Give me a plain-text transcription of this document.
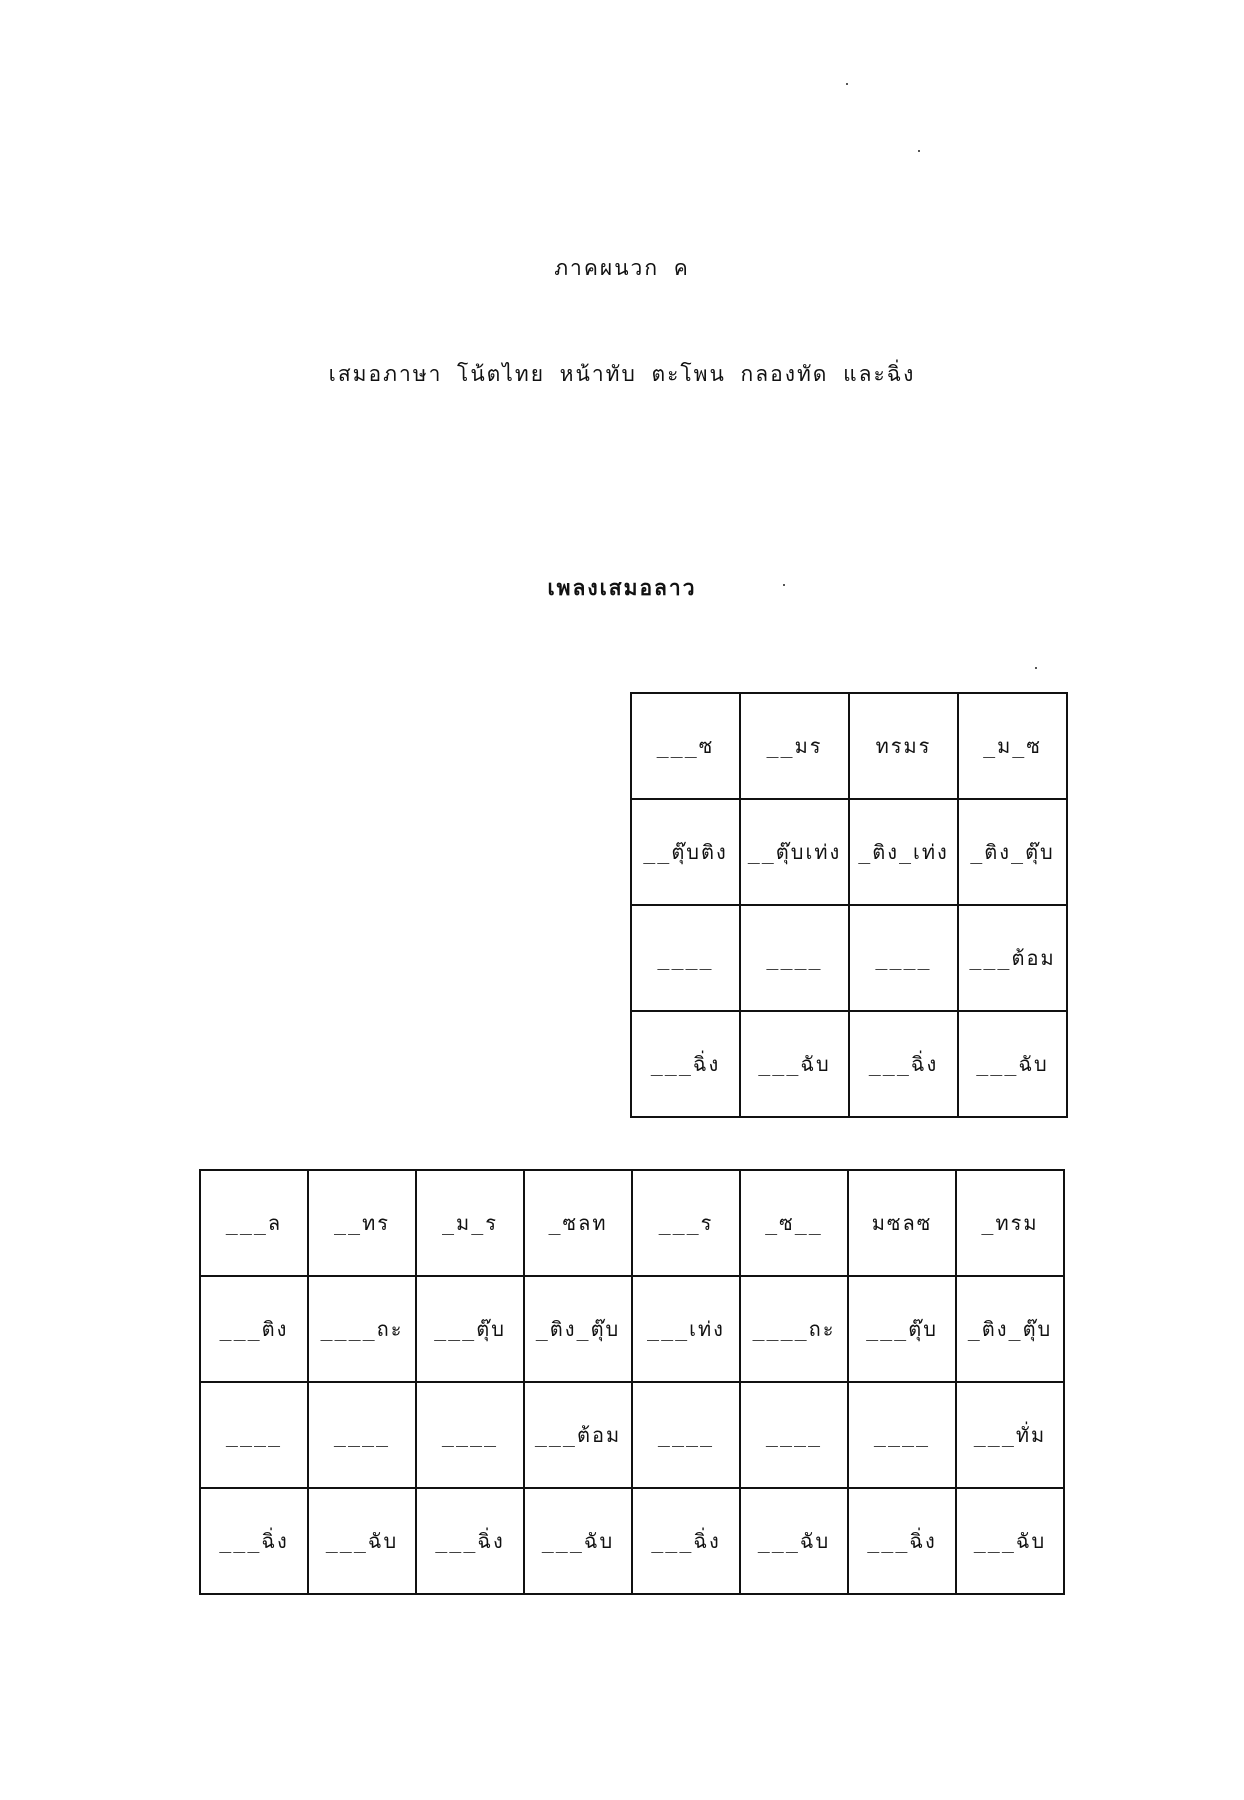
ภาคผนวก ค
เสมอภาษา โน้ตไทย หน้าทับ ตะโพน กลองทัด และฉิ่ง
เพลงเสมอลาว
___ซ	__มร	ทรมร	_ม_ซ
__ตุ๊บติง	__ตุ๊บเท่ง	_ติง_เท่ง	_ติง_ตุ๊บ
____	____	____	___ต้อม
___ฉิ่ง	___ฉับ	___ฉิ่ง	___ฉับ
___ล	__ทร	_ม_ร	_ซลท	___ร	_ซ__	มซลซ	_ทรม
___ติง	____ถะ	___ตุ๊บ	_ติง_ตุ๊บ	___เท่ง	____ถะ	___ตุ๊บ	_ติง_ตุ๊บ
____	____	____	___ต้อม	____	____	____	___ทั่ม
___ฉิ่ง	___ฉับ	___ฉิ่ง	___ฉับ	___ฉิ่ง	___ฉับ	___ฉิ่ง	___ฉับ
